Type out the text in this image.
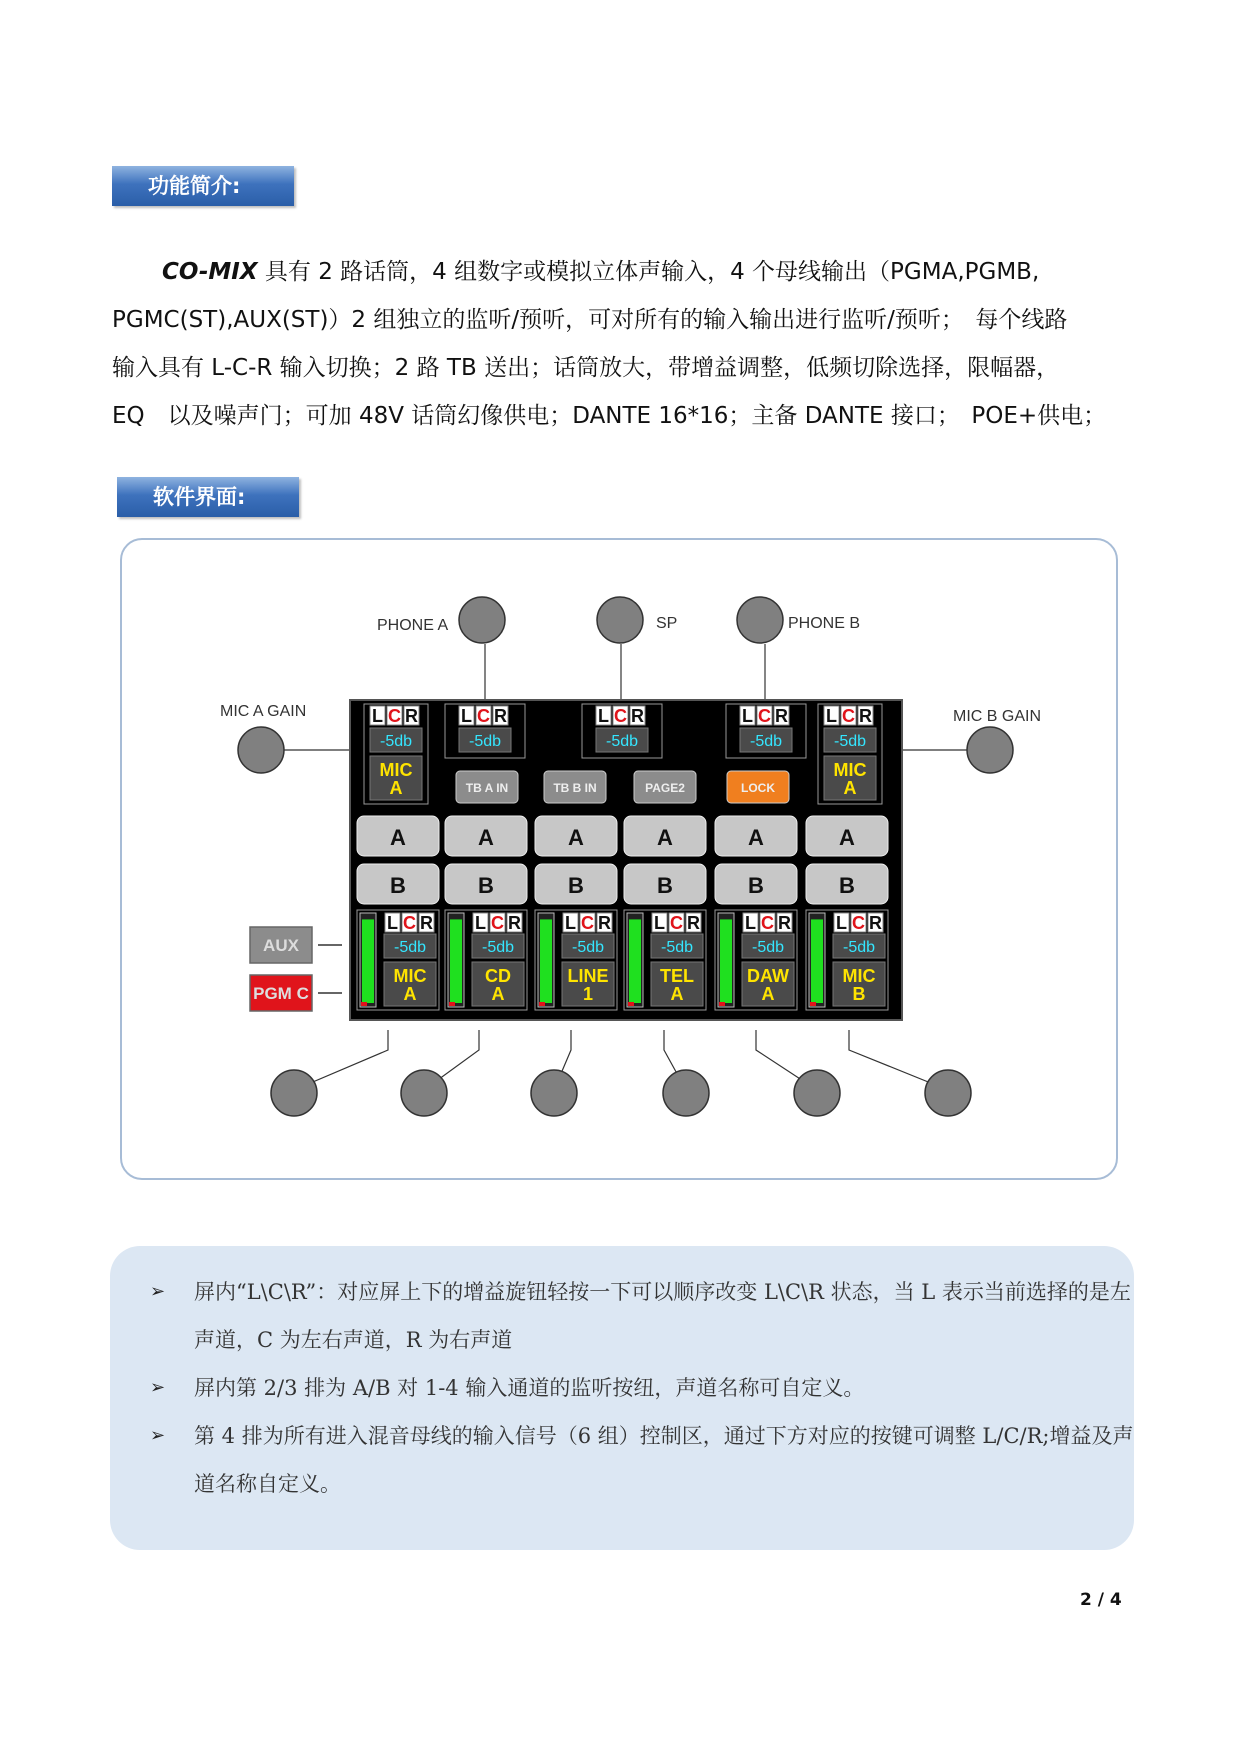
功能简介:

CO-MIX 具有 2 路话筒，4 组数字或模拟立体声输入，4 个母线输出（PGMA,PGMB,

PGMC(ST),AUX(ST)）2 组独立的监听/预听，可对所有的输入输出进行监听/预听；　每个线路

输入具有 L-C-R 输入切换；2 路 TB 送出；话筒放大，带增益调整，低频切除选择，限幅器，

EQ　以及噪声门；可加 48V 话筒幻像供电；DANTE 16*16；主备 DANTE 接口；　POE+供电；

软件界面:
PHONE A	SP	PHONE B
MIC A GAIN	MIC B GAIN
L C R
-5db
MIC
A
L C R
-5db
L C R
-5db
L C R
-5db
L C R
-5db
MIC
A
TB A IN	TB B IN	PAGE2	LOCK
A
B
A
B
A
B
A
B
A
B
A
B
L C R
-5db
MIC
A
L C R
-5db
CD
A
L C R
-5db
LINE
1
L C R
-5db
TEL
A
L C R
-5db
DAW
A
L C R
-5db
MIC
B
AUX
PGM C
➢ 屏内“L\C\R”：对应屏上下的增益旋钮轻按一下可以顺序改变 L\C\R 状态，当 L 表示当前选择的是左声道，C 为左右声道，R 为右声道
➢ 屏内第 2/3 排为 A/B 对 1-4 输入通道的监听按纽，声道名称可自定义。
➢ 第 4 排为所有进入混音母线的输入信号（6 组）控制区，通过下方对应的按键可调整 L/C/R;增益及声道名称自定义。
2 / 4
